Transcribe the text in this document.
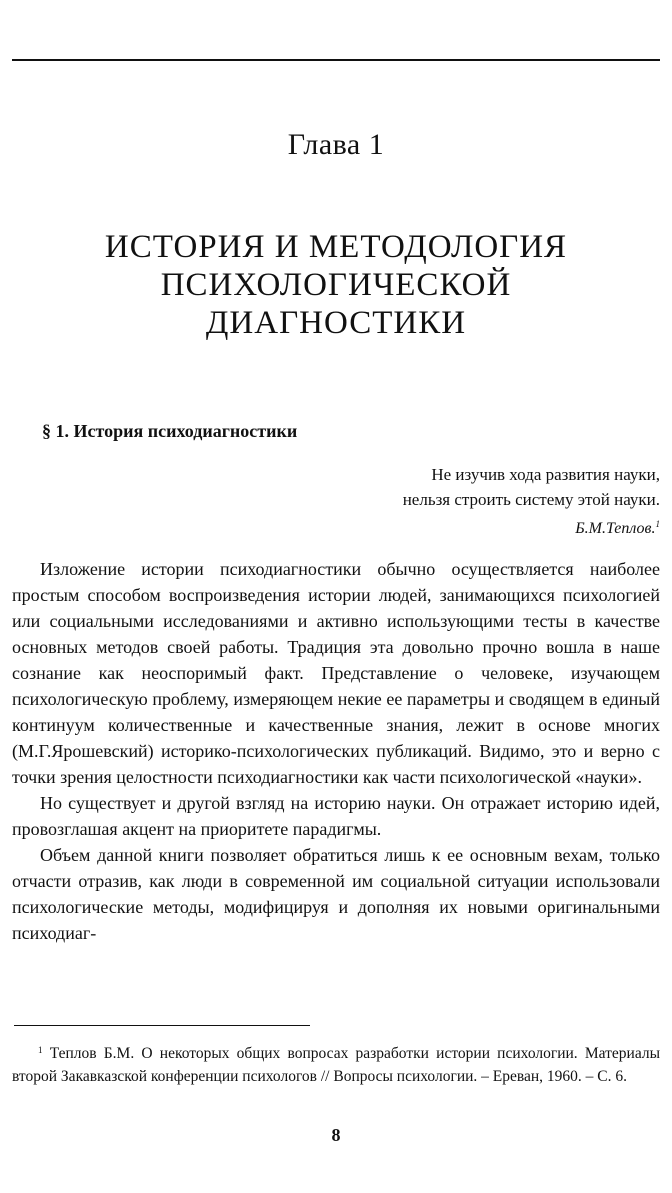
Глава 1
ИСТОРИЯ И МЕТОДОЛОГИЯ
ПСИХОЛОГИЧЕСКОЙ
ДИАГНОСТИКИ
§ 1. История психодиагностики
Не изучив хода развития науки,
нельзя строить систему этой науки.
Б.М.Теплов.$^1$

Изложение истории психодиагностики обычно осуществляется наиболее простым способом воспроизведения истории людей, занимающихся психологией или социальными исследованиями и активно использующими тесты в качестве основных методов своей работы. Традиция эта довольно прочно вошла в наше сознание как неоспоримый факт. Представление о человеке, изучающем психологическую проблему, измеряющем некие ее параметры и сводящем в единый континуум количественные и качественные знания, лежит в основе многих (М.Г.Ярошевский) историко-психологических публикаций. Видимо, это и верно с точки зрения целостности психодиагностики как части психологической «науки».

Но существует и другой взгляд на историю науки. Он отражает историю идей, провозглашая акцент на приоритете парадигмы.

Объем данной книги позволяет обратиться лишь к ее основным вехам, только отчасти отразив, как люди в современной им социальной ситуации использовали психологические методы, модифицируя и дополняя их новыми оригинальными психодиаг-

$^1$ Теплов Б.М. О некоторых общих вопросах разработки истории психологии. Материалы второй Закавказской конференции психологов // Вопросы психологии. – Ереван, 1960. – С. 6.

8
